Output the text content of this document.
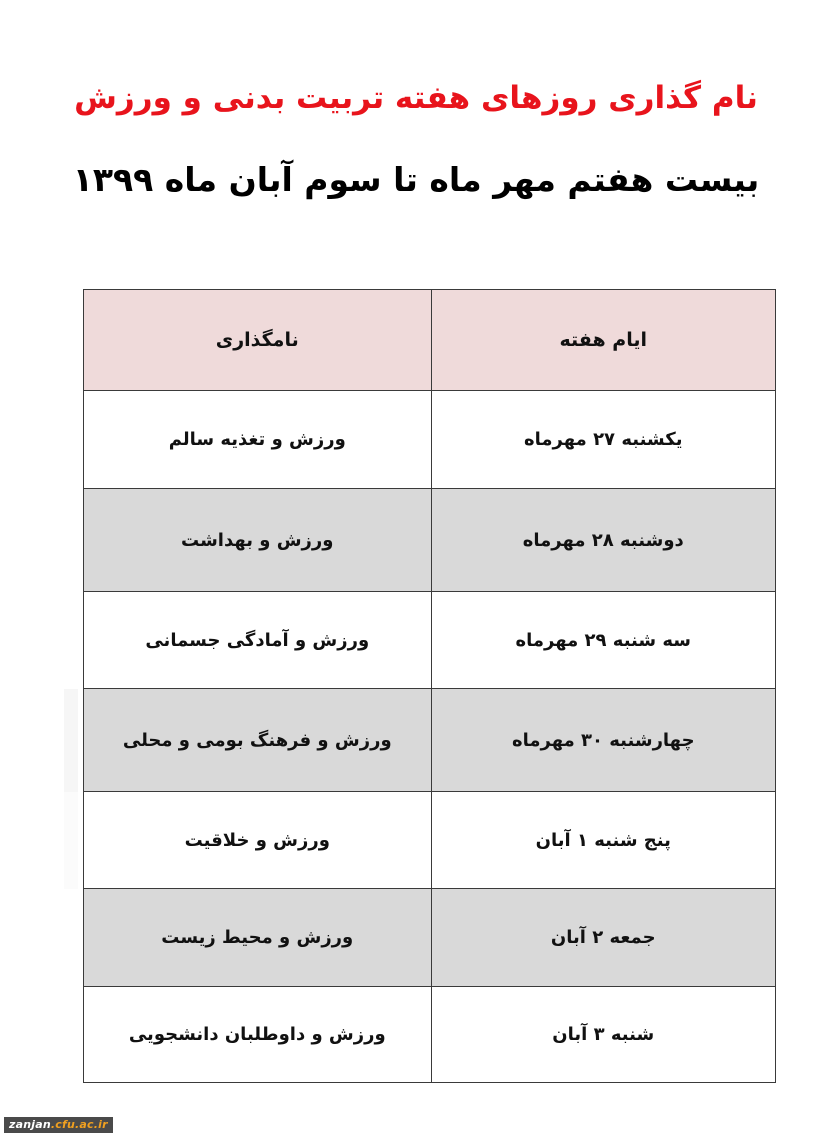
نام گذاری روزهای هفته تربیت بدنی و ورزش
بیست هفتم مهر ماه تا سوم آبان ماه ۱۳۹۹
ایام هفته	نامگذاری
یکشنبه ۲۷ مهرماه	ورزش و تغذیه سالم
دوشنبه ۲۸ مهرماه	ورزش و بهداشت
سه شنبه ۲۹ مهرماه	ورزش و آمادگی جسمانی
چهارشنبه ۳۰ مهرماه	ورزش و فرهنگ بومی و محلی
پنج شنبه ۱ آبان	ورزش و خلاقیت
جمعه ۲ آبان	ورزش و محیط زیست
شنبه ۳ آبان	ورزش و داوطلبان دانشجویی
zanjan.cfu.ac.ir
